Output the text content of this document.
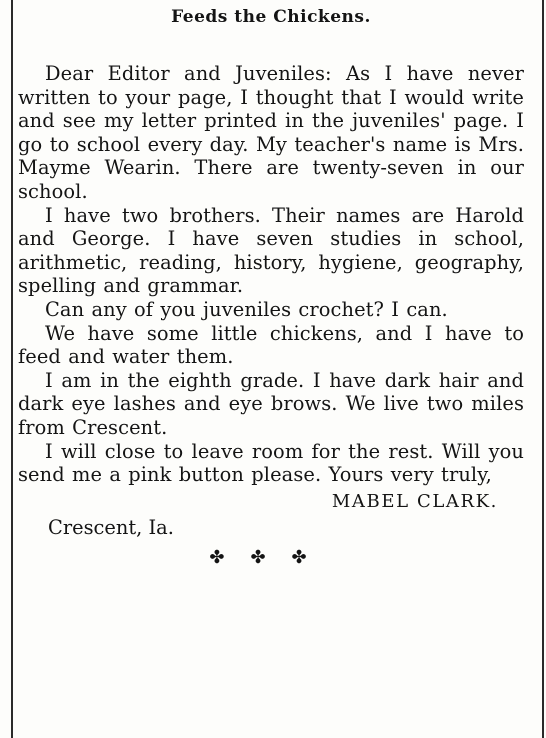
Feeds the Chickens.

Dear Editor and Juveniles: As I have never written to your page, I thought that I would write and see my letter printed in the juveniles' page. I go to school every day. My teacher's name is Mrs. Mayme Wearin. There are twenty-seven in our school.

I have two brothers. Their names are Harold and George. I have seven studies in school, arithmetic, reading, history, hygiene, geography, spelling and grammar.

Can any of you juveniles crochet? I can.

We have some little chickens, and I have to feed and water them.

I am in the eighth grade. I have dark hair and dark eye lashes and eye brows. We live two miles from Crescent.

I will close to leave room for the rest. Will you send me a pink button please. Yours very truly,

MABEL CLARK.
Crescent, Ia.
✤✤✤
